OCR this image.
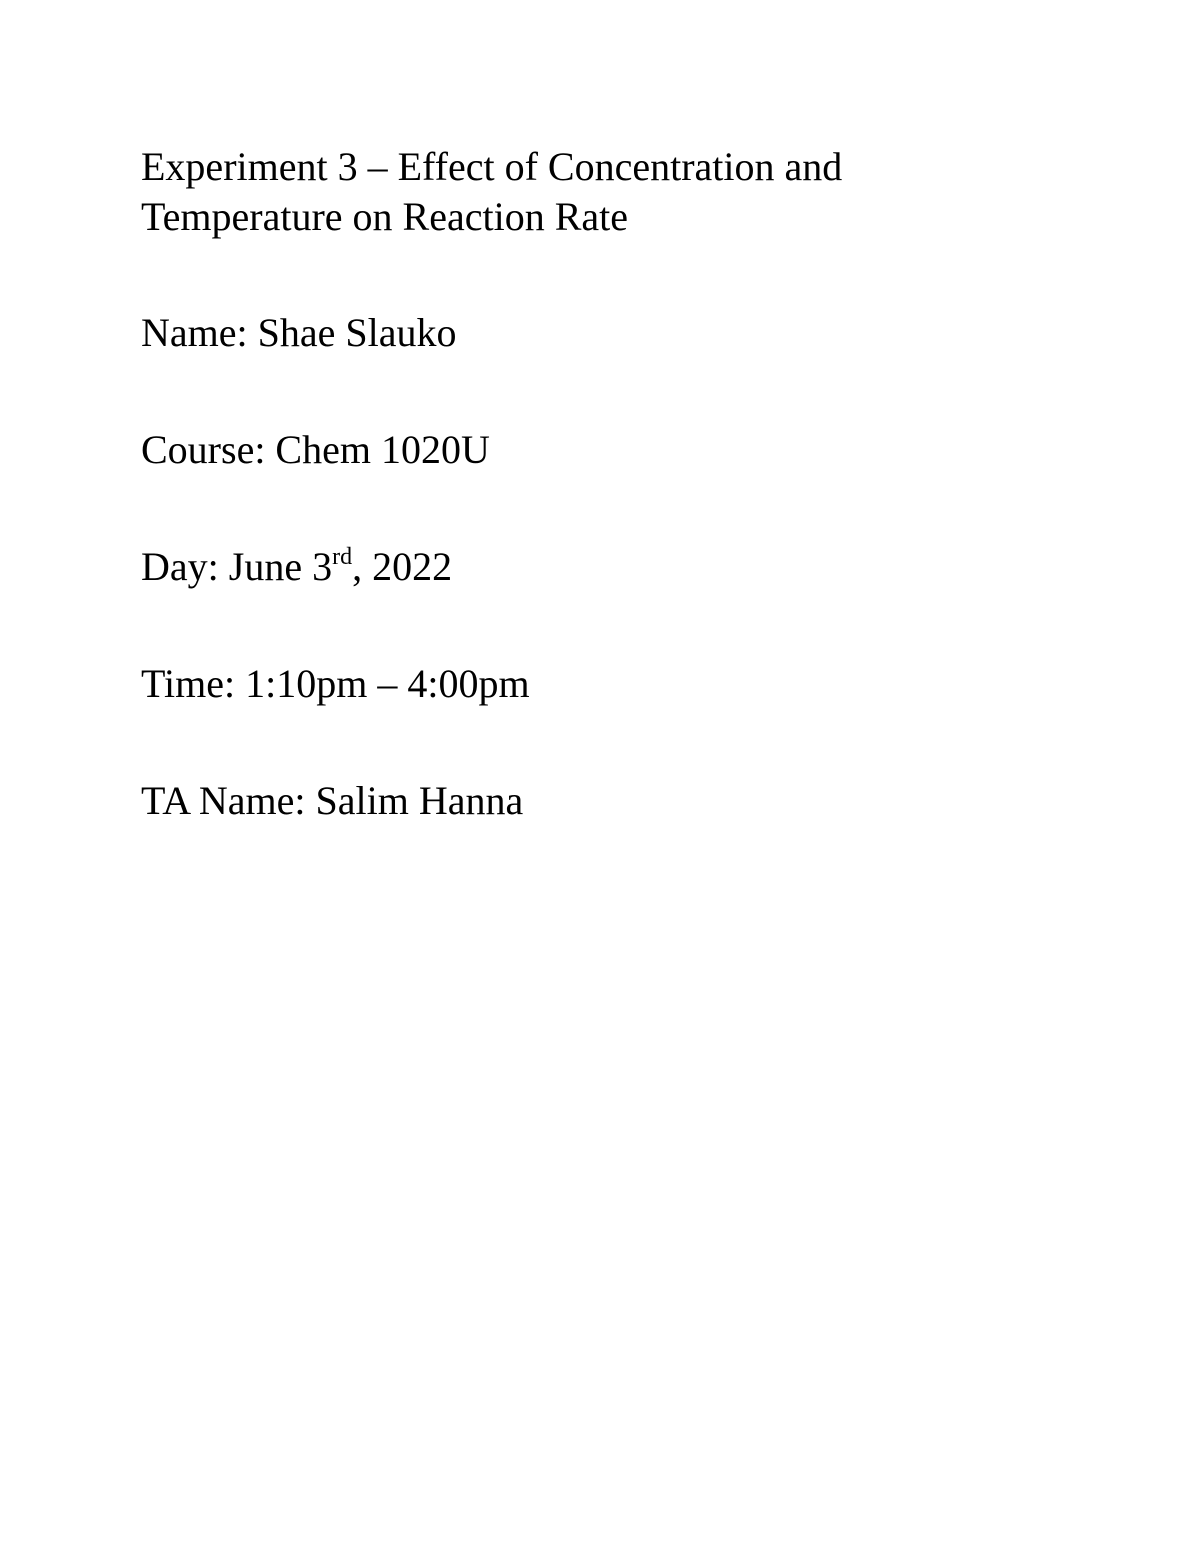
Experiment 3 – Effect of Concentration and
Temperature on Reaction Rate

Name: Shae Slauko

Course: Chem 1020U

Day: June 3rd, 2022

Time: 1:10pm – 4:00pm

TA Name: Salim Hanna
